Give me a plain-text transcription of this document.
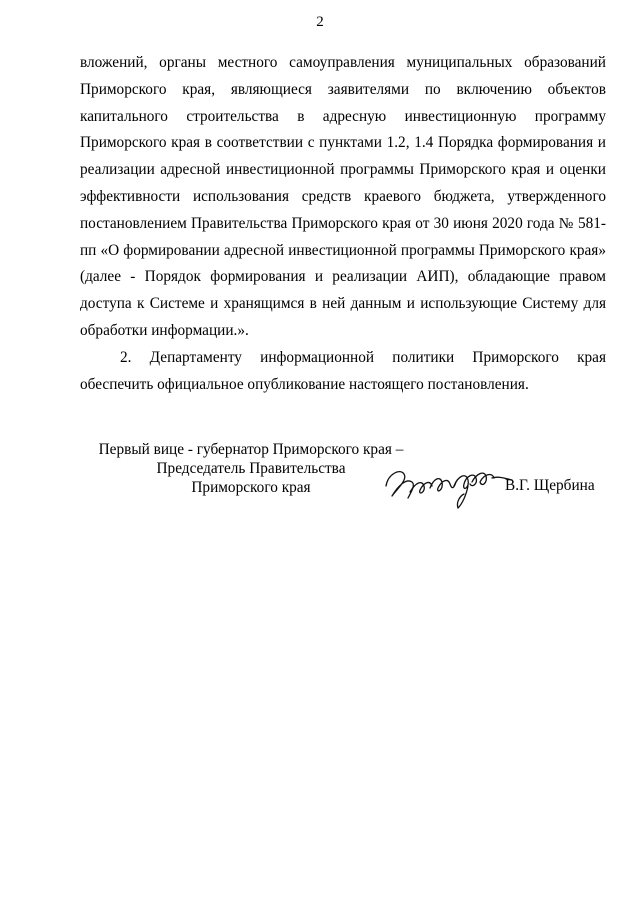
2

вложений, органы местного самоуправления муниципальных образований Приморского края, являющиеся заявителями по включению объектов капитального строительства в адресную инвестиционную программу Приморского края в соответствии с пунктами 1.2, 1.4 Порядка формирования и реализации адресной инвестиционной программы Приморского края и оценки эффективности использования средств краевого бюджета, утвержденного постановлением Правительства Приморского края от 30 июня 2020 года № 581-пп «О формировании адресной инвестиционной программы Приморского края» (далее - Порядок формирования и реализации АИП), обладающие правом доступа к Системе и хранящимся в ней данным и использующие Систему для обработки информации.».

2. Департаменту информационной политики Приморского края обеспечить официальное опубликование настоящего постановления.

Первый вице - губернатор Приморского края –
Председатель Правительства
Приморского края	В.Г. Щербина
